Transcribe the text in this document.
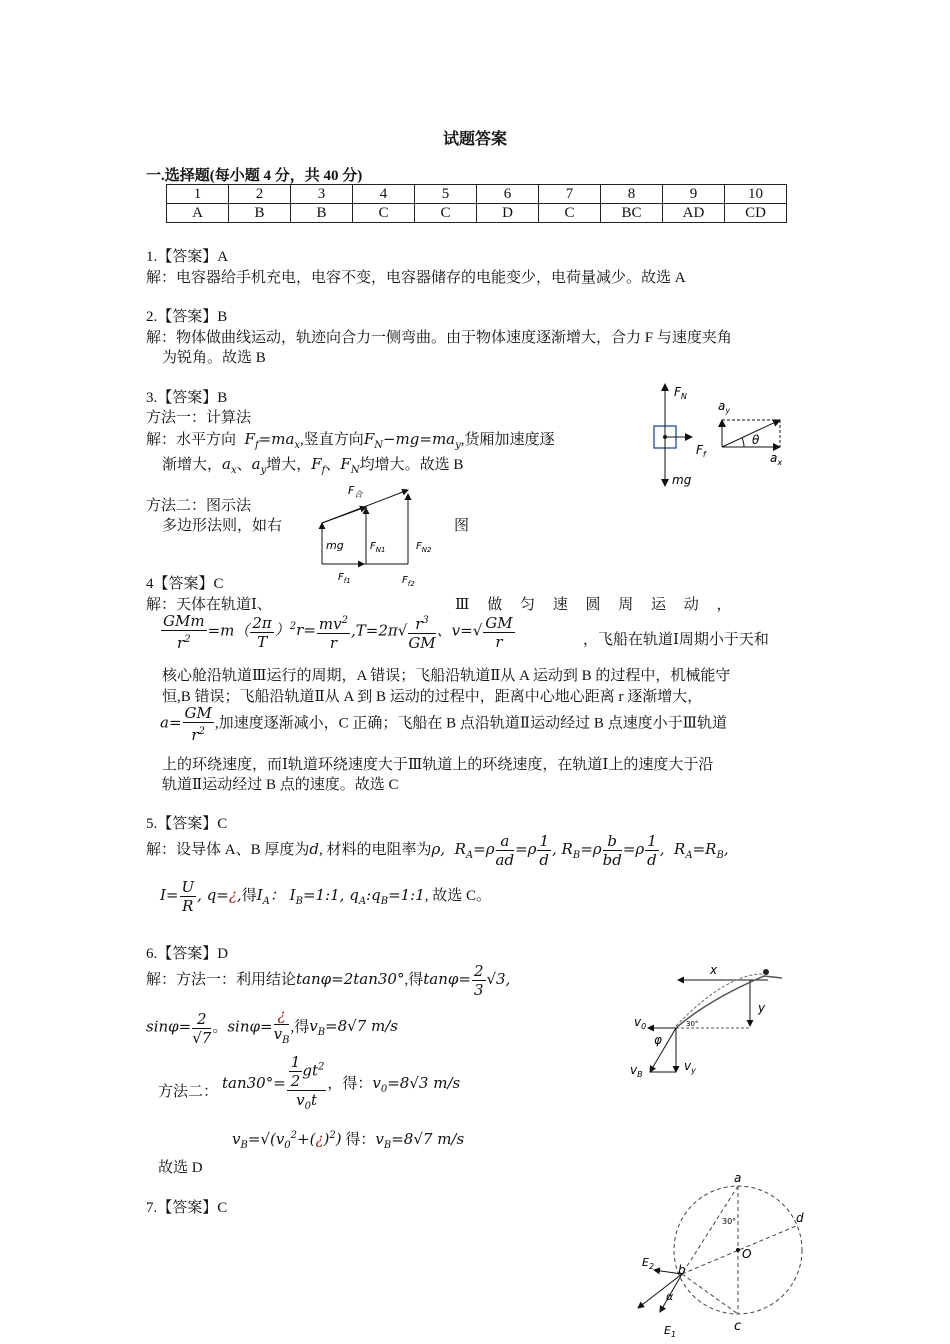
试题答案
一.选择题(每小题 4 分，共 40 分)
1	2	3	4	5	6	7	8	9	10
A	B	B	C	C	D	C	BC	AD	CD
1.【答案】A
解：电容器给手机充电，电容不变，电容器储存的电能变少，电荷量减少。故选 A
2.【答案】B
解：物体做曲线运动，轨迹向合力一侧弯曲。由于物体速度逐渐增大，合力 F 与速度夹角
为锐角。故选 B
3.【答案】B
方法一：计算法
解：水平方向  $F_f=ma_x$,竖直方向$F_N-mg=ma_y$,货厢加速度逐
渐增大，$a_x$、$a_y$增大，$F_f$、$F_N$均增大。故选 B
方法二：图示法
多边形法则，如右	图
$F_N$
$F_f$
mg
$a_y$
$a_x$
θ
$F_合$
mg	$F_{N1}$	$F_{N2}$
$F_{f1}$	$F_{f2}$
4【答案】C
解：天体在轨道Ⅰ、	Ⅲ 做 匀 速 圆 周 运 动 ，
$\frac{\text{GMm}}{r^2} =m( \frac{2\pi}{T} )^2r= \frac{mv^2}{r} ,T=2\pi√ \frac{r^3}{GM}$ 、$v=√ \frac{GM}{r}$	，飞船在轨道Ⅰ周期小于天和
核心舱沿轨道Ⅲ运行的周期，A 错误；飞船沿轨道Ⅱ从 A 运动到 B 的过程中，机械能守
恒,B 错误；飞船沿轨道Ⅱ从 A 到 B 运动的过程中，距离中心地心距离 r 逐渐增大，
$a= \frac{GM}{r^2}$ ,加速度逐渐减小，C 正确；飞船在 B 点沿轨道Ⅱ运动经过 B 点速度小于Ⅲ轨道
上的环绕速度，而Ⅰ轨道环绕速度大于Ⅲ轨道上的环绕速度，在轨道Ⅰ上的速度大于沿
轨道Ⅱ运动经过 B 点的速度。故选 C
5.【答案】C
解：设导体 A、B 厚度为d, 材料的电阻率为ρ,  $R_A=\rho \frac{a}{ad} =\rho \frac{1}{d}$ , $R_B=\rho \frac{b}{bd} =\rho \frac{1}{d}$ ,  $R_A=R_B$,
$I= \frac{U}{R}$ , q=¿,得$I_A$： $I_B=1:1$, $q_A:q_B=1:1$, 故选 C。
6.【答案】D
解：方法一：利用结论tanφ=2tan30°,得$\tan\varphi= \frac{2}{3} √3$,
$\sin\varphi= \frac{2}{√7}$ 。$\sin\varphi= \frac{¿}{v_B}$ ,得$v_B=8√7$ m/s
方法二：
$\tan 30^\circ= \frac{\frac{1}{2} gt^2}{v_0t}$ ，得：$v_0=8√3$ m/s
$v_B=√(v_0^2+(¿)^2)$ 得：$v_B=8√7$ m/s
故选 D
x
y
$v_0$
$v_B$
$v_y$
φ
30°
7.【答案】C
a
b
c
d
O
30°
α
$E_2$
$E_1$
